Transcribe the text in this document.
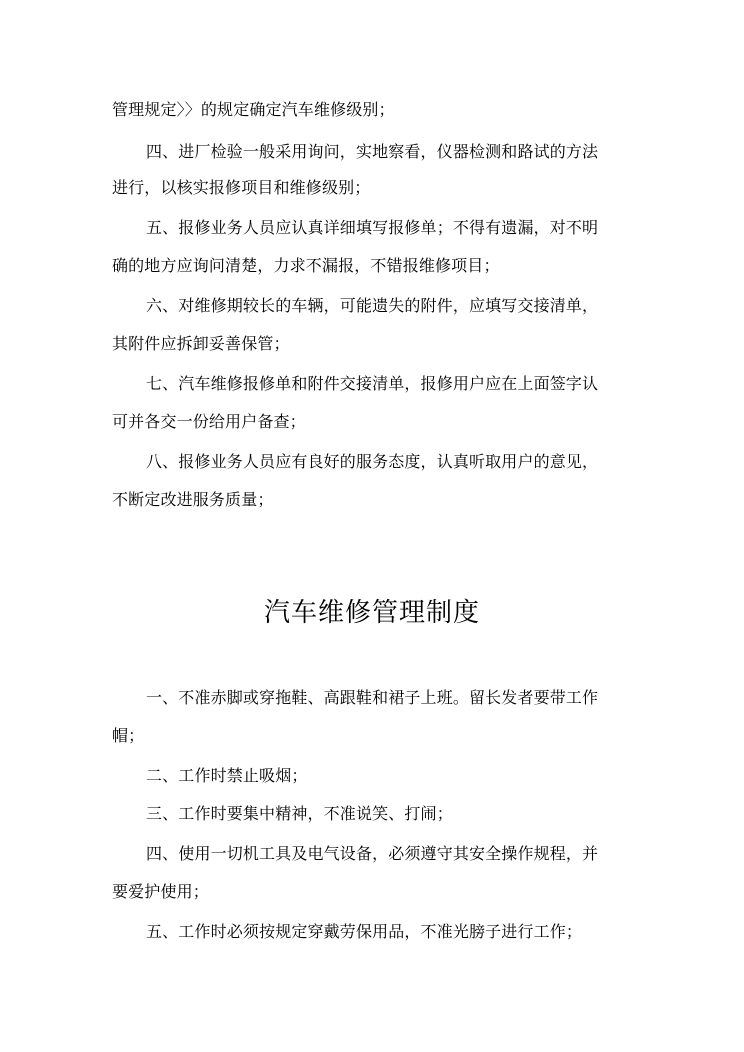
管理规定〉〉的规定确定汽车维修级别；
四、进厂检验一般采用询问，实地察看，仪器检测和路试的方法
进行，以核实报修项目和维修级别；
五、报修业务人员应认真详细填写报修单；不得有遗漏，对不明
确的地方应询问清楚，力求不漏报，不错报维修项目；
六、对维修期较长的车辆，可能遗失的附件，应填写交接清单，
其附件应拆卸妥善保管；
七、汽车维修报修单和附件交接清单，报修用户应在上面签字认
可并各交一份给用户备查；
八、报修业务人员应有良好的服务态度，认真听取用户的意见，
不断定改进服务质量；
汽车维修管理制度
一、不准赤脚或穿拖鞋、高跟鞋和裙子上班。留长发者要带工作
帽；
二、工作时禁止吸烟；
三、工作时要集中精神，不准说笑、打闹；
四、使用一切机工具及电气设备，必须遵守其安全操作规程，并
要爱护使用；
五、工作时必须按规定穿戴劳保用品，不准光膀子进行工作；
